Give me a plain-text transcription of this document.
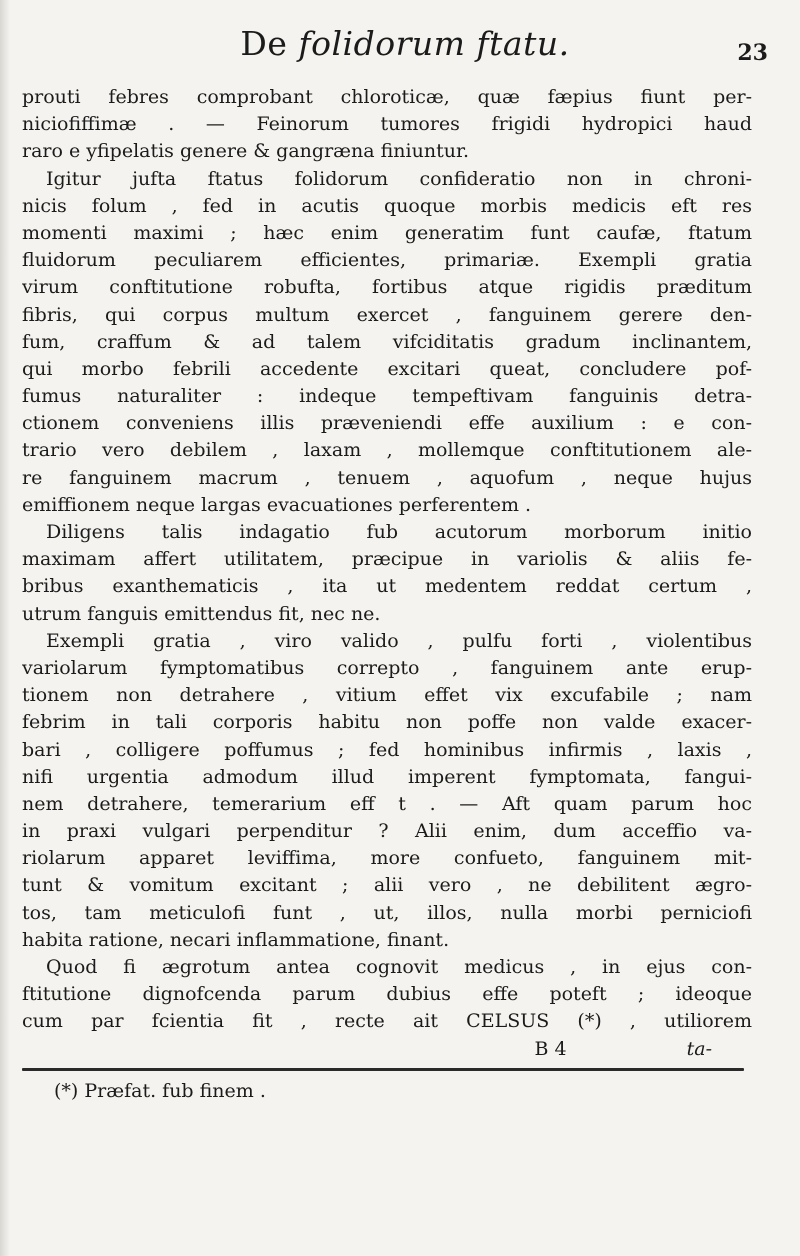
De folidorum ftatu.	23
prouti febres comprobant chloroticæ, quæ fæpius fiunt per-
niciofiffimæ . — Feinorum tumores frigidi hydropici haud
raro e yfipelatis genere & gangræna finiuntur.
Igitur jufta ftatus folidorum confideratio non in chroni-
nicis folum , fed in acutis quoque morbis medicis eft res
momenti maximi ; hæc enim generatim funt caufæ, ftatum
fluidorum peculiarem efficientes, primariæ. Exempli gratia
virum conftitutione robufta, fortibus atque rigidis præditum
fibris, qui corpus multum exercet , fanguinem gerere den-
fum, craffum & ad talem vifciditatis gradum inclinantem,
qui morbo febrili accedente excitari queat, concludere pof-
fumus naturaliter : indeque tempeftivam fanguinis detra-
ctionem conveniens illis præveniendi effe auxilium : e con-
trario vero debilem , laxam , mollemque conftitutionem ale-
re fanguinem macrum , tenuem , aquofum , neque hujus
emiffionem neque largas evacuationes perferentem .
Diligens talis indagatio fub acutorum morborum initio
maximam affert utilitatem, præcipue in variolis & aliis fe-
bribus exanthematicis , ita ut medentem reddat certum ,
utrum fanguis emittendus fit, nec ne.
Exempli gratia , viro valido , pulfu forti , violentibus
variolarum fymptomatibus correpto , fanguinem ante erup-
tionem non detrahere , vitium effet vix excufabile ; nam
febrim in tali corporis habitu non poffe non valde exacer-
bari , colligere poffumus ; fed hominibus infirmis , laxis ,
nifi urgentia admodum illud imperent fymptomata, fangui-
nem detrahere, temerarium eff t . — Aft quam parum hoc
in praxi vulgari perpenditur ? Alii enim, dum acceffio va-
riolarum apparet leviffima, more confueto, fanguinem mit-
tunt & vomitum excitant ; alii vero , ne debilitent ægro-
tos, tam meticulofi funt , ut, illos, nulla morbi perniciofi
habita ratione, necari inflammatione, finant.
Quod fi ægrotum antea cognovit medicus , in ejus con-
ftitutione dignofcenda parum dubius effe poteft ; ideoque
cum par fcientia fit , recte ait CELSUS (*) , utiliorem
B 4	ta-
(*) Præfat. fub finem .
